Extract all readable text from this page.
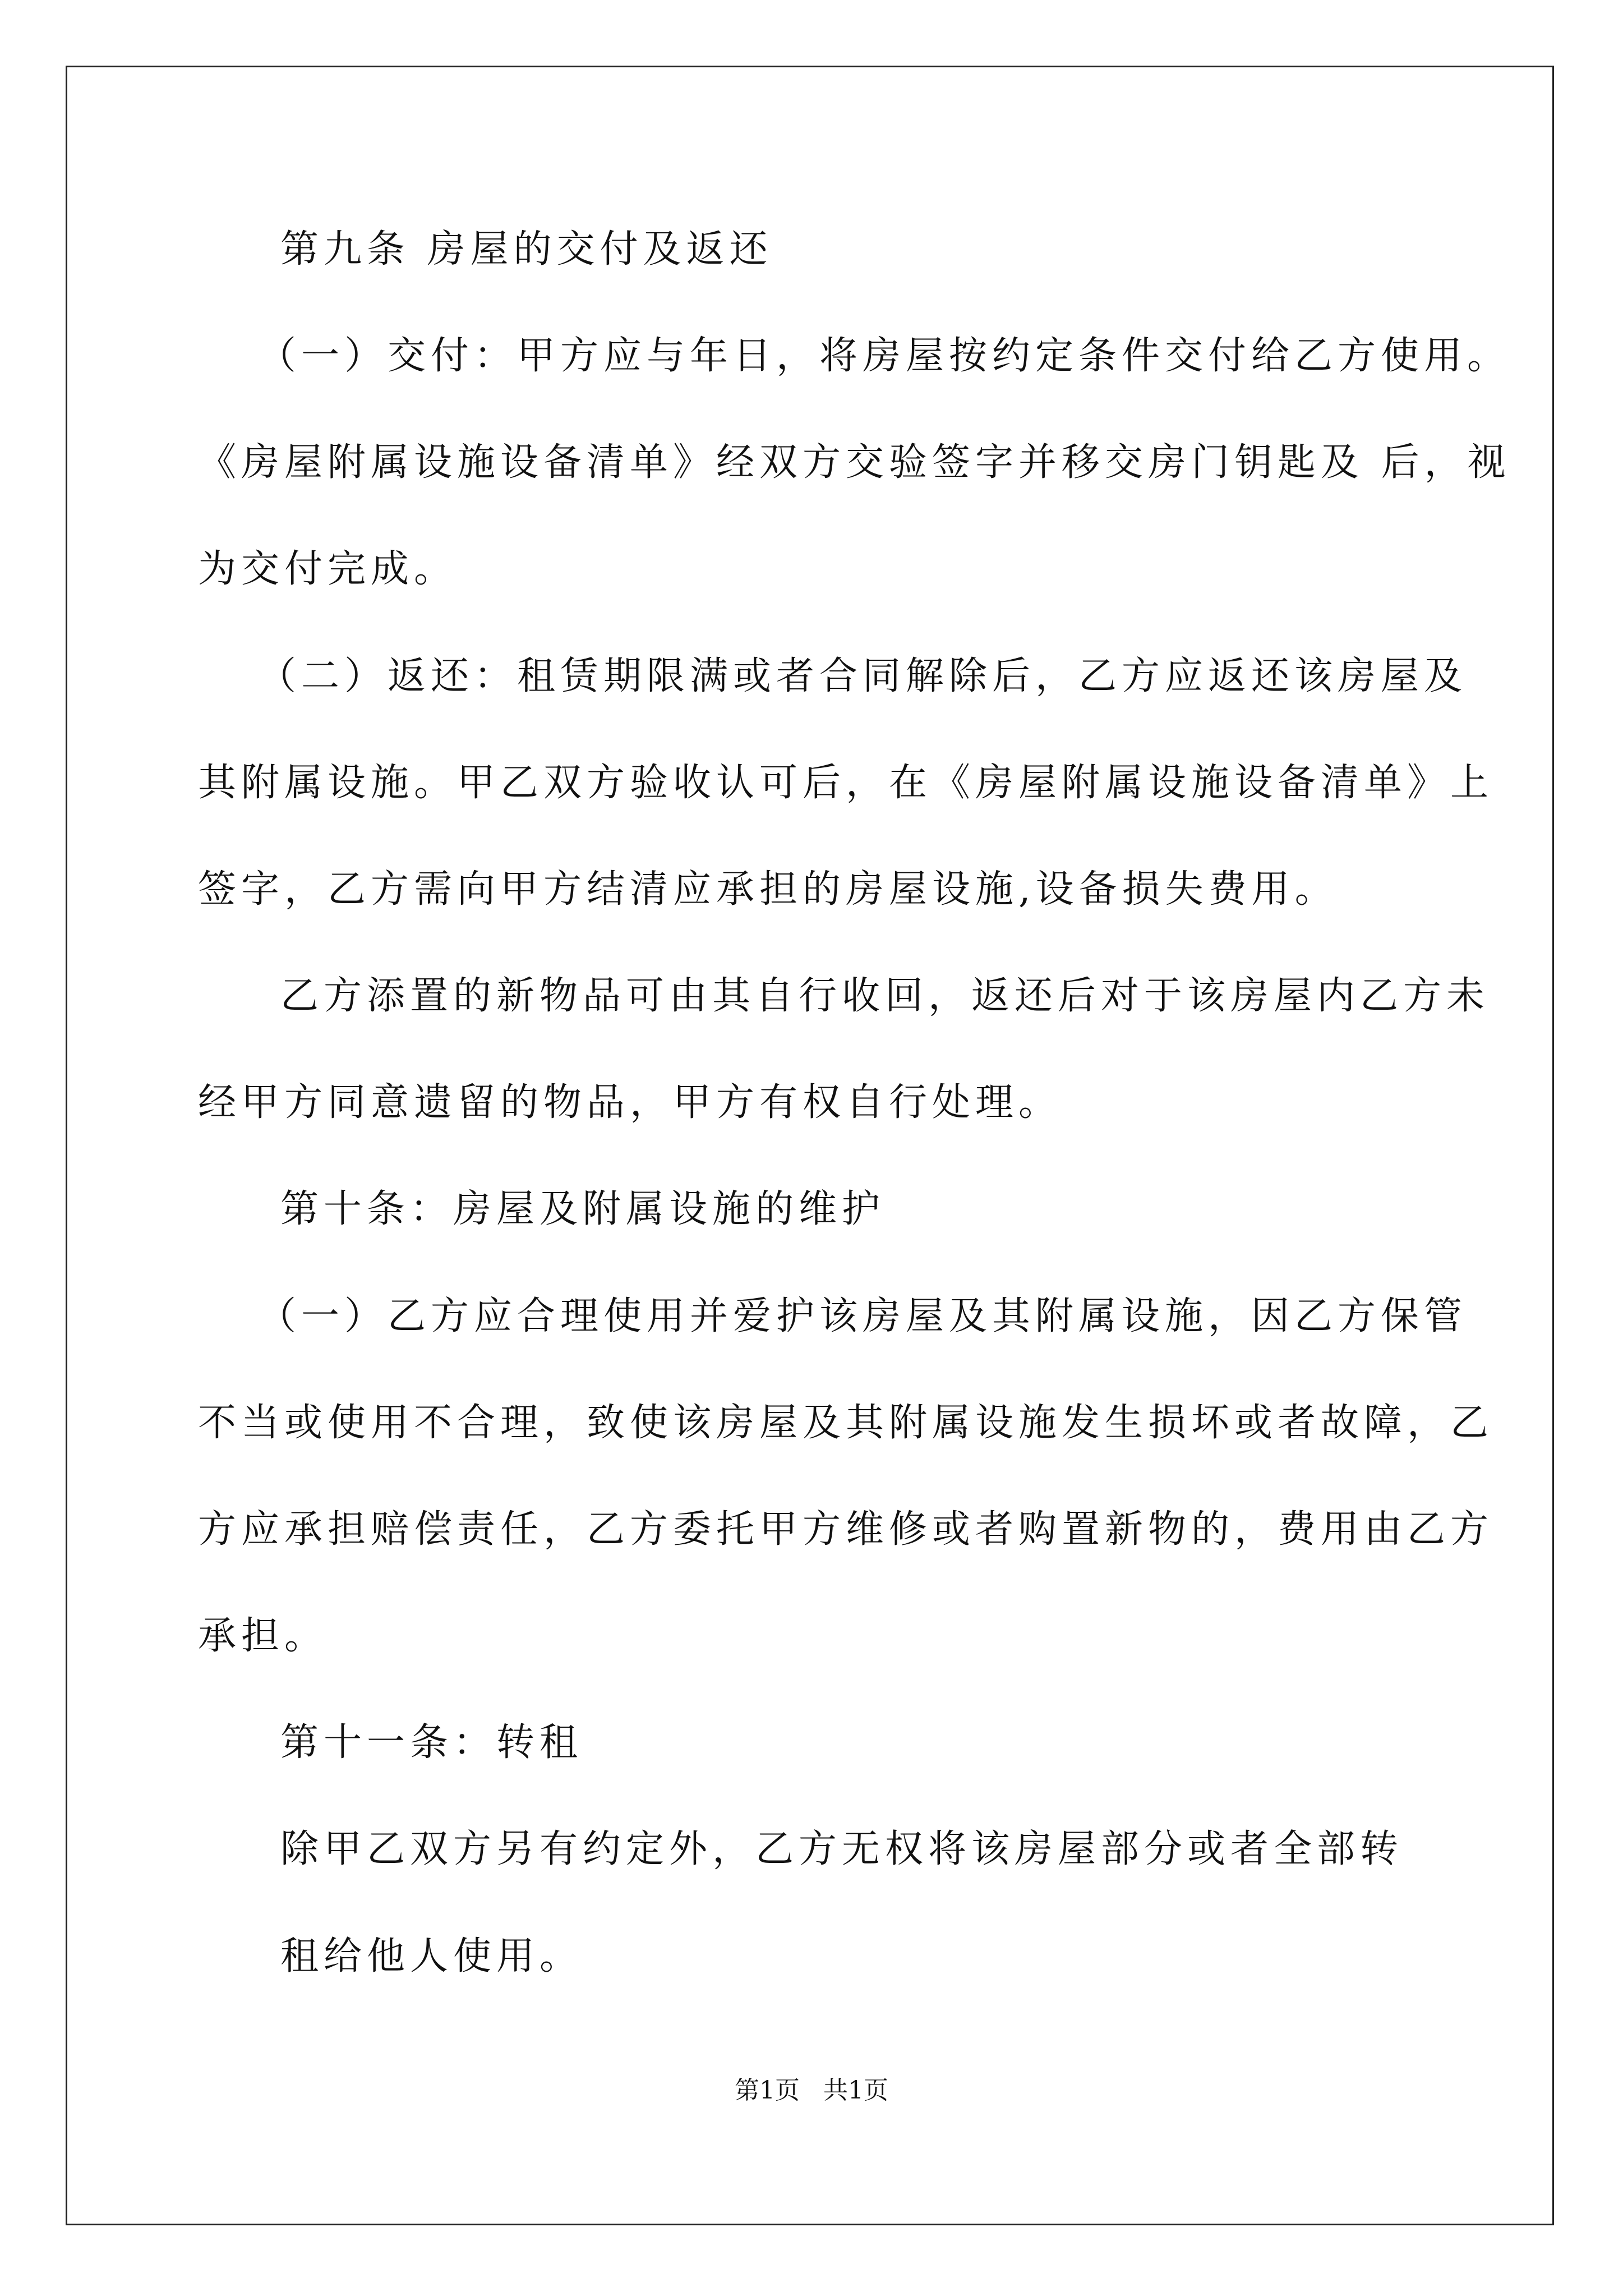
第九条 房屋的交付及返还
（一）交付：甲方应与年日，将房屋按约定条件交付给乙方使用。
《房屋附属设施设备清单》经双方交验签字并移交房门钥匙及 后，视
为交付完成。
（二）返还：租赁期限满或者合同解除后，乙方应返还该房屋及
其附属设施。甲乙双方验收认可后，在《房屋附属设施设备清单》上
签字，乙方需向甲方结清应承担的房屋设施,设备损失费用。
乙方添置的新物品可由其自行收回，返还后对于该房屋内乙方未
经甲方同意遗留的物品，甲方有权自行处理。
第十条：房屋及附属设施的维护
（一）乙方应合理使用并爱护该房屋及其附属设施，因乙方保管
不当或使用不合理，致使该房屋及其附属设施发生损坏或者故障，乙
方应承担赔偿责任，乙方委托甲方维修或者购置新物的，费用由乙方
承担。
第十一条：转租
除甲乙双方另有约定外，乙方无权将该房屋部分或者全部转
租给他人使用。
第1页   共1页
